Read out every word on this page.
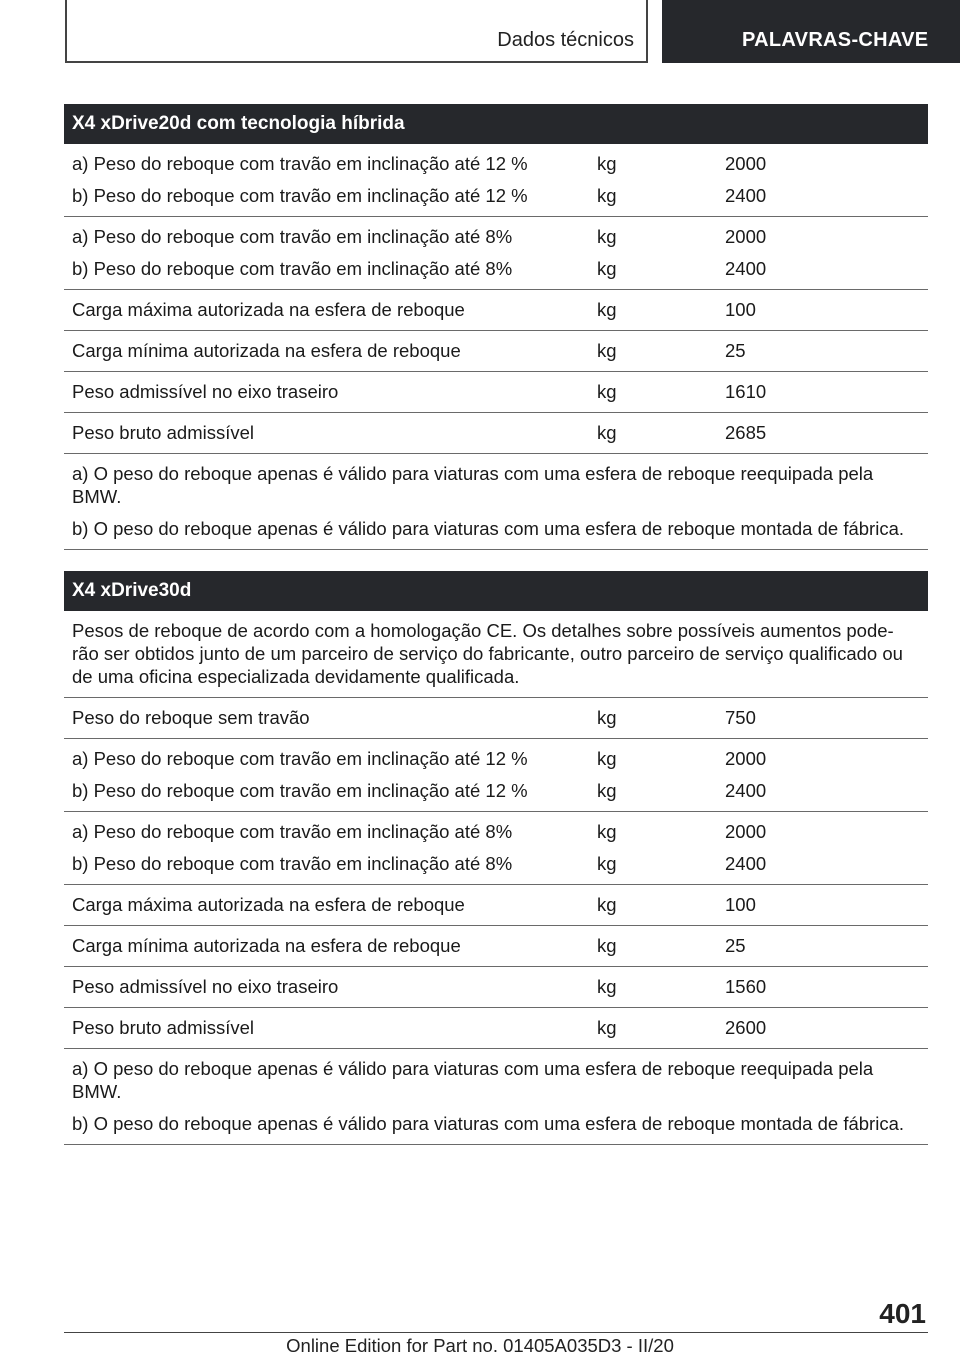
Dados técnicos	PALAVRAS-CHAVE
X4 xDrive20d com tecnologia híbrida
a) Peso do reboque com travão em inclinação até 12 %	kg	2000
b) Peso do reboque com travão em inclinação até 12 %	kg	2400
a) Peso do reboque com travão em inclinação até 8%	kg	2000
b) Peso do reboque com travão em inclinação até 8%	kg	2400
Carga máxima autorizada na esfera de reboque	kg	100
Carga mínima autorizada na esfera de reboque	kg	25
Peso admissível no eixo traseiro	kg	1610
Peso bruto admissível	kg	2685
a) O peso do reboque apenas é válido para viaturas com uma esfera de reboque reequipada pela BMW.
b) O peso do reboque apenas é válido para viaturas com uma esfera de reboque montada de fábrica.
X4 xDrive30d
Pesos de reboque de acordo com a homologação CE. Os detalhes sobre possíveis aumentos pode‐ rão ser obtidos junto de um parceiro de serviço do fabricante, outro parceiro de serviço qualificado ou de uma oficina especializada devidamente qualificada.
Peso do reboque sem travão	kg	750
a) Peso do reboque com travão em inclinação até 12 %	kg	2000
b) Peso do reboque com travão em inclinação até 12 %	kg	2400
a) Peso do reboque com travão em inclinação até 8%	kg	2000
b) Peso do reboque com travão em inclinação até 8%	kg	2400
Carga máxima autorizada na esfera de reboque	kg	100
Carga mínima autorizada na esfera de reboque	kg	25
Peso admissível no eixo traseiro	kg	1560
Peso bruto admissível	kg	2600
a) O peso do reboque apenas é válido para viaturas com uma esfera de reboque reequipada pela BMW.
b) O peso do reboque apenas é válido para viaturas com uma esfera de reboque montada de fábrica.
401
Online Edition for Part no. 01405A035D3 - II/20
